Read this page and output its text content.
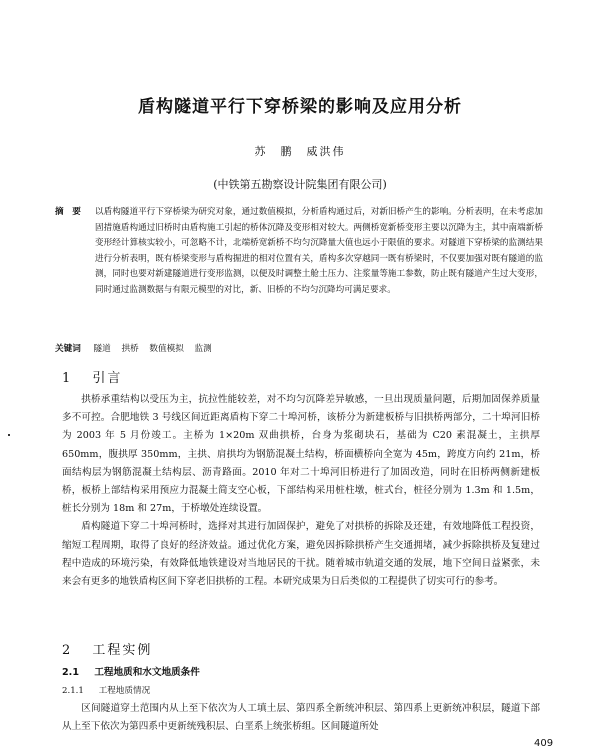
盾构隧道平行下穿桥梁的影响及应用分析
苏　鹏　威洪伟
(中铁第五勘察设计院集团有限公司)
摘　要 以盾构隧道平行下穿桥梁为研究对象，通过数值模拟，分析盾构通过后，对新旧桥产生的影响。分析表明，在未考虑加固措施盾构通过旧桥时由盾构施工引起的桥体沉降及变形相对较大。两侧桥宽新桥变形主要以沉降为主，其中南端新桥变形经计算核实较小，可忽略不计，北端桥宽新桥不均匀沉降量大值也远小于限值的要求。对隧道下穿桥梁的监测结果进行分析表明，既有桥梁变形与盾构掘进的相对位置有关，盾构多次穿越同一既有桥梁时，不仅要加强对既有隧道的监测，同时也要对新建隧道进行变形监测，以便及时调整土舱土压力、注浆量等施工参数，防止既有隧道产生过大变形，同时通过监测数据与有限元模型的对比，新、旧桥的不均匀沉降均可满足要求。
关键词 隧道 拱桥 数值模拟 监测
1 引言

拱桥承重结构以受压为主，抗拉性能较差，对不均匀沉降差异敏感，一旦出现质量问题，后期加固保养质量多不可控。合肥地铁 3 号线区间近距离盾构下穿二十埠河桥，该桥分为新建板桥与旧拱桥两部分，二十埠河旧桥为 2003 年 5 月份竣工。主桥为 1×20m 双曲拱桥，台身为浆砌块石，基础为 C20 素混凝土，主拱厚 650mm，腹拱厚 350mm，主拱、肩拱均为钢筋混凝土结构，桥面横桥向全宽为 45m，跨度方向约 21m，桥面结构层为钢筋混凝土结构层、沥青路面。2010 年对二十埠河旧桥进行了加固改造，同时在旧桥两侧新建板桥，板桥上部结构采用预应力混凝土简支空心板，下部结构采用桩柱墩，桩式台，桩径分别为 1.3m 和 1.5m，桩长分别为 18m 和 27m，于桥墩处连续设置。

盾构隧道下穿二十埠河桥时，选择对其进行加固保护，避免了对拱桥的拆除及还建，有效地降低工程投资，缩短工程周期，取得了良好的经济效益。通过优化方案，避免因拆除拱桥产生交通拥堵，减少拆除拱桥及复建过程中造成的环境污染，有效降低地铁建设对当地居民的干扰。随着城市轨道交通的发展，地下空间日益紧张，未来会有更多的地铁盾构区间下穿老旧拱桥的工程。本研究成果为日后类似的工程提供了切实可行的参考。

2 工程实例
2.1 工程地质和水文地质条件
2.1.1 工程地质情况

区间隧道穿土范围内从上至下依次为人工填土层、第四系全新统冲积层、第四系上更新统冲积层，隧道下部从上至下依次为第四系中更新统残积层、白垩系上统张桥组。区间隧道所处

409
